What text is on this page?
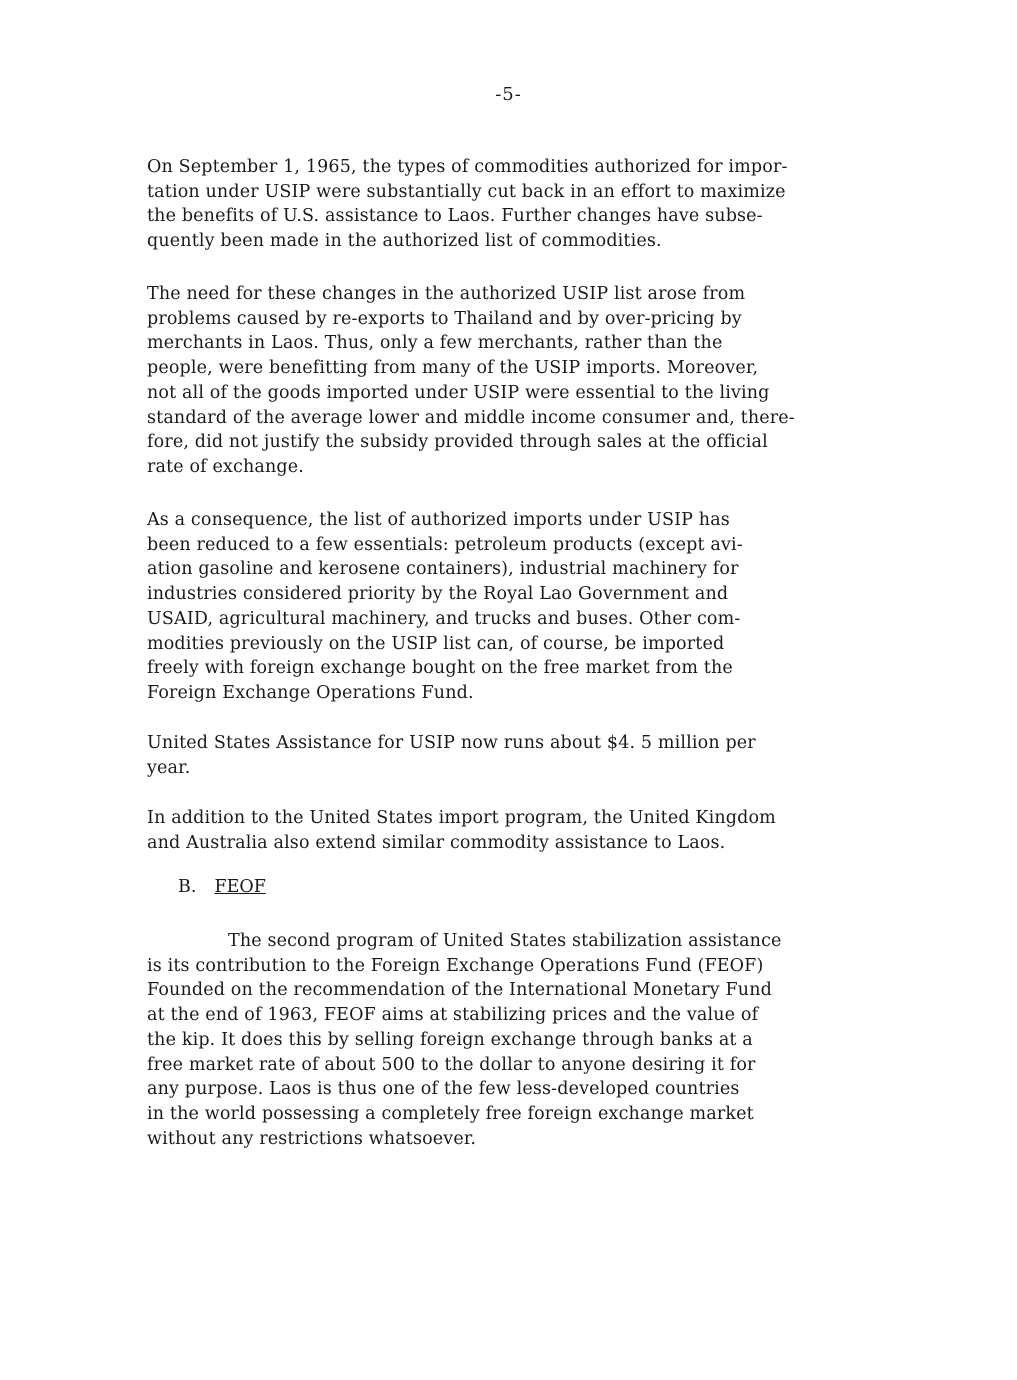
-5-

On September 1, 1965, the types of commodities authorized for impor-
tation under USIP were substantially cut back in an effort to maximize
the benefits of U.S. assistance to Laos. Further changes have subse-
quently been made in the authorized list of commodities.

The need for these changes in the authorized USIP list arose from
problems caused by re-exports to Thailand and by over-pricing by
merchants in Laos. Thus, only a few merchants, rather than the
people, were benefitting from many of the USIP imports. Moreover,
not all of the goods imported under USIP were essential to the living
standard of the average lower and middle income consumer and, there-
fore, did not justify the subsidy provided through sales at the official
rate of exchange.

As a consequence, the list of authorized imports under USIP has
been reduced to a few essentials: petroleum products (except avi-
ation gasoline and kerosene containers), industrial machinery for
industries considered priority by the Royal Lao Government and
USAID, agricultural machinery, and trucks and buses. Other com-
modities previously on the USIP list can, of course, be imported
freely with foreign exchange bought on the free market from the
Foreign Exchange Operations Fund.

United States Assistance for USIP now runs about $4. 5 million per
year.

In addition to the United States import program, the United Kingdom
and Australia also extend similar commodity assistance to Laos.

B. FEOF

The second program of United States stabilization assistance
is its contribution to the Foreign Exchange Operations Fund (FEOF)
Founded on the recommendation of the International Monetary Fund
at the end of 1963, FEOF aims at stabilizing prices and the value of
the kip. It does this by selling foreign exchange through banks at a
free market rate of about 500 to the dollar to anyone desiring it for
any purpose. Laos is thus one of the few less-developed countries
in the world possessing a completely free foreign exchange market
without any restrictions whatsoever.
